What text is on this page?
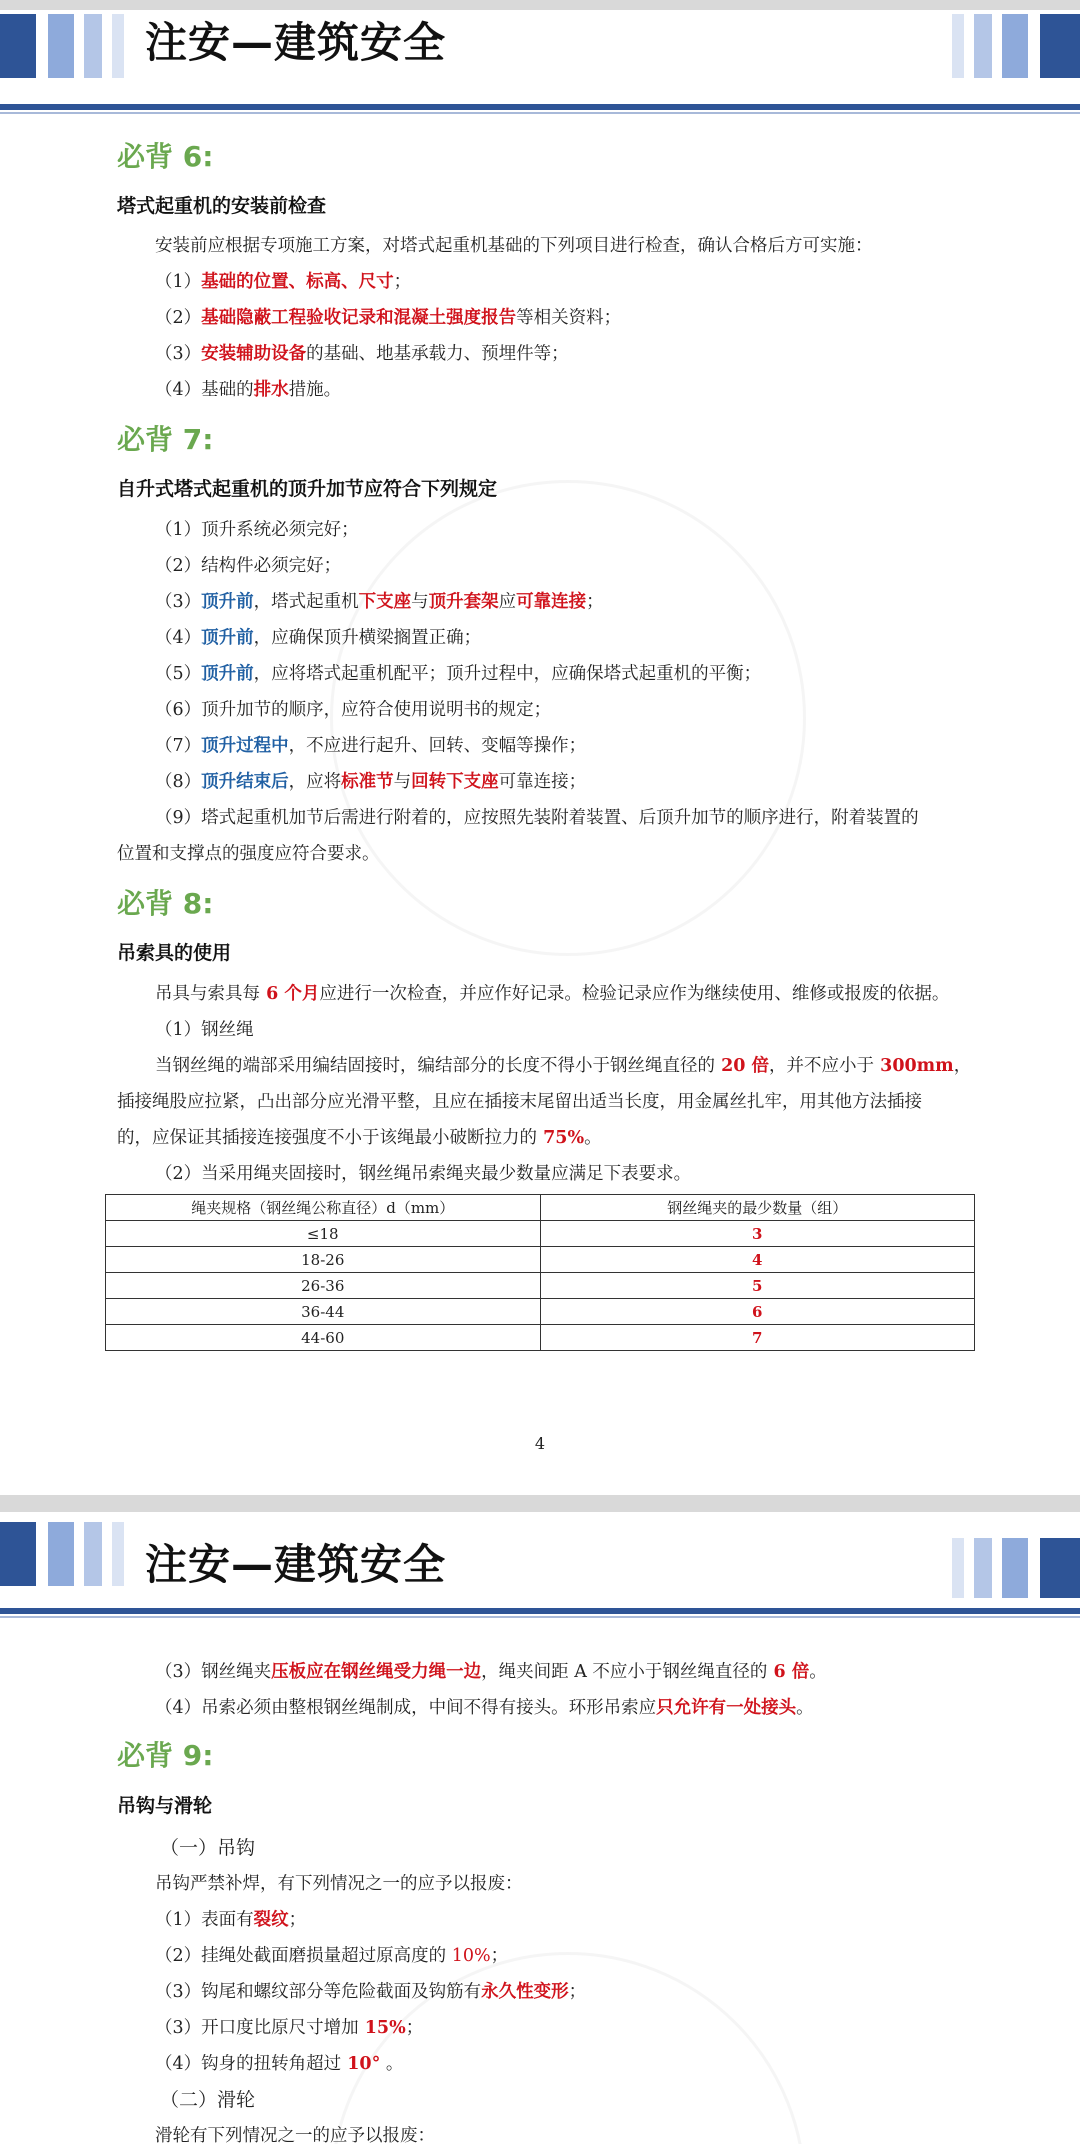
注安—建筑安全
必背 6:
塔式起重机的安装前检查
安装前应根据专项施工方案，对塔式起重机基础的下列项目进行检查，确认合格后方可实施：
（1）基础的位置、标高、尺寸；
（2）基础隐蔽工程验收记录和混凝土强度报告等相关资料；
（3）安装辅助设备的基础、地基承载力、预埋件等；
（4）基础的排水措施。
必背 7:
自升式塔式起重机的顶升加节应符合下列规定
（1）顶升系统必须完好；
（2）结构件必须完好；
（3）顶升前，塔式起重机下支座与顶升套架应可靠连接；
（4）顶升前，应确保顶升横梁搁置正确；
（5）顶升前，应将塔式起重机配平；顶升过程中，应确保塔式起重机的平衡；
（6）顶升加节的顺序，应符合使用说明书的规定；
（7）顶升过程中，不应进行起升、回转、变幅等操作；
（8）顶升结束后，应将标准节与回转下支座可靠连接；
（9）塔式起重机加节后需进行附着的，应按照先装附着装置、后顶升加节的顺序进行，附着装置的
位置和支撑点的强度应符合要求。
必背 8:
吊索具的使用
吊具与索具每 6 个月应进行一次检查，并应作好记录。检验记录应作为继续使用、维修或报废的依据。
（1）钢丝绳
当钢丝绳的端部采用编结固接时，编结部分的长度不得小于钢丝绳直径的 20 倍，并不应小于 300mm，
插接绳股应拉紧，凸出部分应光滑平整，且应在插接末尾留出适当长度，用金属丝扎牢，用其他方法插接
的，应保证其插接连接强度不小于该绳最小破断拉力的 75%。
（2）当采用绳夹固接时，钢丝绳吊索绳夹最少数量应满足下表要求。
绳夹规格（钢丝绳公称直径）d（mm）	钢丝绳夹的最少数量（组）
≤18	3
18-26	4
26-36	5
36-44	6
44-60	7
4
注安—建筑安全
（3）钢丝绳夹压板应在钢丝绳受力绳一边，绳夹间距 A 不应小于钢丝绳直径的 6 倍。
（4）吊索必须由整根钢丝绳制成，中间不得有接头。环形吊索应只允许有一处接头。
必背 9:
吊钩与滑轮
（一）吊钩
吊钩严禁补焊，有下列情况之一的应予以报废：
（1）表面有裂纹；
（2）挂绳处截面磨损量超过原高度的 10%；
（3）钩尾和螺纹部分等危险截面及钩筋有永久性变形；
（3）开口度比原尺寸增加 15%；
（4）钩身的扭转角超过 10° 。
（二）滑轮
滑轮有下列情况之一的应予以报废：
